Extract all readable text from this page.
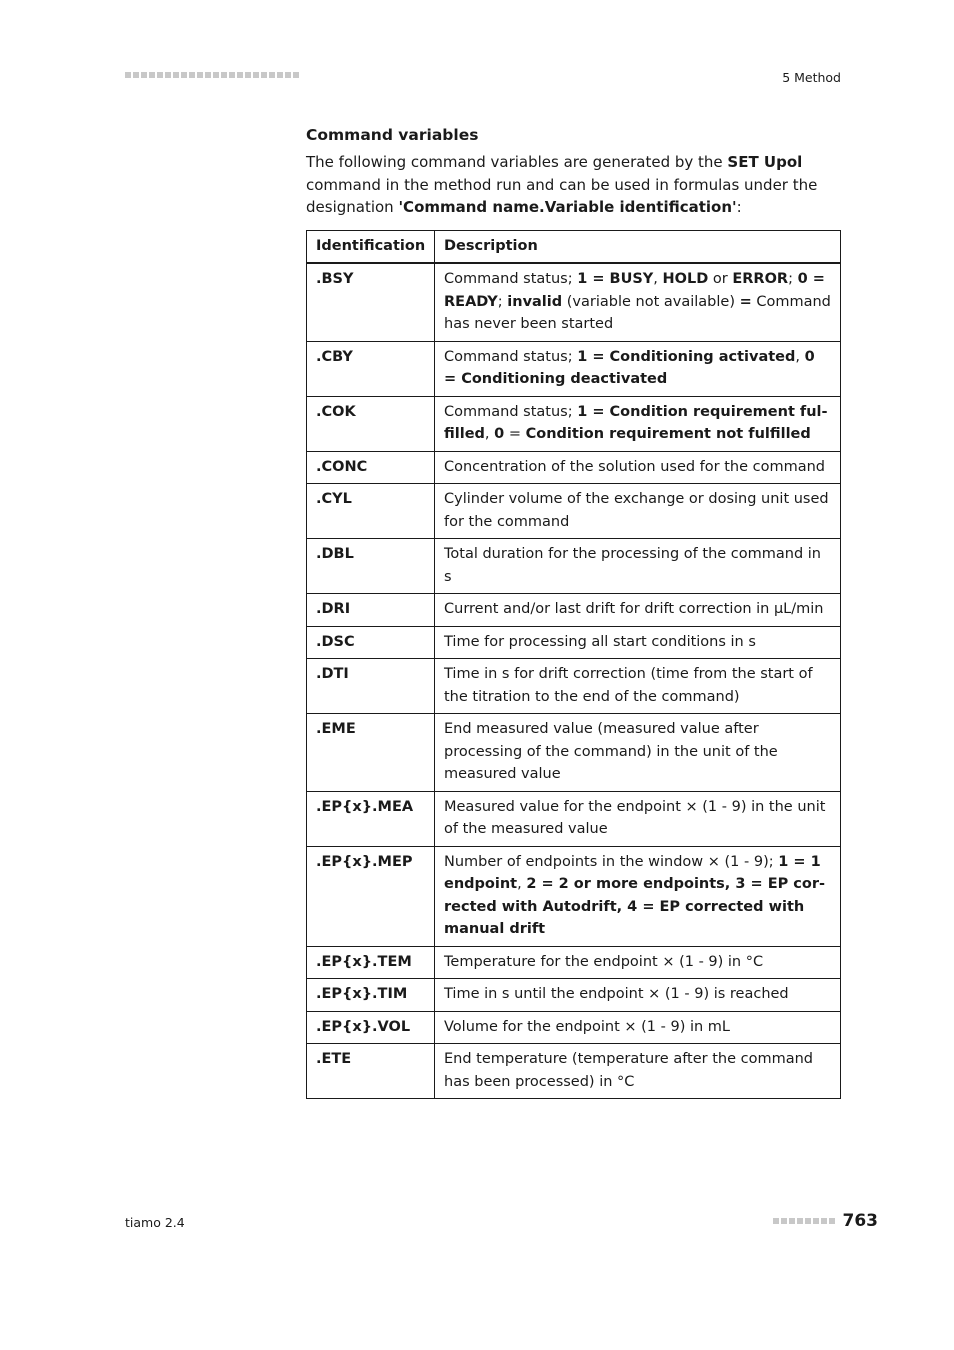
5 Method
Command variables

The following command variables are generated by the SET Upol command in the method run and can be used in formulas under the designation 'Command name.Variable identification':

Identification	Description
.BSY	Command status; 1 = BUSY, HOLD or ERROR; 0 = READY; invalid (variable not available) = Command has never been started
.CBY	Command status; 1 = Conditioning activated, 0 = Conditioning deactivated
.COK	Command status; 1 = Condition requirement fulfilled, 0 = Condition requirement not fulfilled
.CONC	Concentration of the solution used for the command
.CYL	Cylinder volume of the exchange or dosing unit used for the command
.DBL	Total duration for the processing of the command in s
.DRI	Current and/or last drift for drift correction in µL/min
.DSC	Time for processing all start conditions in s
.DTI	Time in s for drift correction (time from the start of the titration to the end of the command)
.EME	End measured value (measured value after processing of the command) in the unit of the measured value
.EP{x}.MEA	Measured value for the endpoint × (1 - 9) in the unit of the measured value
.EP{x}.MEP	Number of endpoints in the window × (1 - 9); 1 = 1 endpoint, 2 = 2 or more endpoints, 3 = EP corrected with Autodrift, 4 = EP corrected with manual drift
.EP{x}.TEM	Temperature for the endpoint × (1 - 9) in °C
.EP{x}.TIM	Time in s until the endpoint × (1 - 9) is reached
.EP{x}.VOL	Volume for the endpoint × (1 - 9) in mL
.ETE	End temperature (temperature after the command has been processed) in °C
tiamo 2.4	763
